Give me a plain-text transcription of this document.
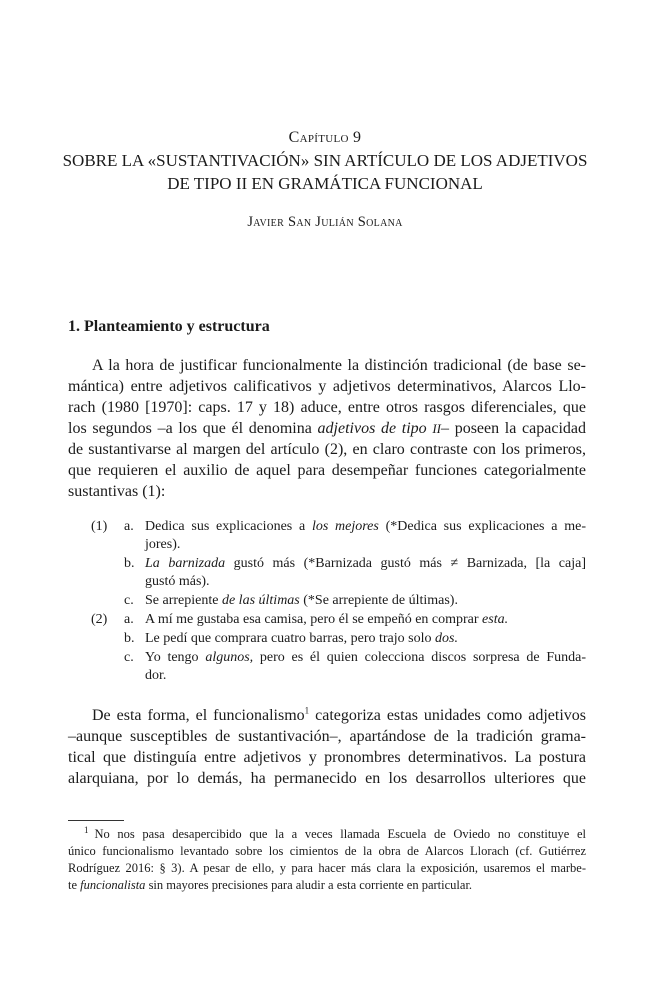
Capítulo 9
SOBRE LA «SUSTANTIVACIÓN» SIN ARTÍCULO DE LOS ADJETIVOS
DE TIPO II EN GRAMÁTICA FUNCIONAL
Javier San Julián Solana
1. Planteamiento y estructura
A la hora de justificar funcionalmente la distinción tradicional (de base se-
mántica) entre adjetivos calificativos y adjetivos determinativos, Alarcos Llo-
rach (1980 [1970]: caps. 17 y 18) aduce, entre otros rasgos diferenciales, que
los segundos –a los que él denomina adjetivos de tipo II– poseen la capacidad
de sustantivarse al margen del artículo (2), en claro contraste con los primeros,
que requieren el auxilio de aquel para desempeñar funciones categorialmente
sustantivas (1):
(1) a. Dedica sus explicaciones a los mejores (*Dedica sus explicaciones a me-
jores).
b. La barnizada gustó más (*Barnizada gustó más ≠ Barnizada, [la caja]
gustó más).
c. Se arrepiente de las últimas (*Se arrepiente de últimas).
(2) a. A mí me gustaba esa camisa, pero él se empeñó en comprar esta.
b. Le pedí que comprara cuatro barras, pero trajo solo dos.
c. Yo tengo algunos, pero es él quien colecciona discos sorpresa de Funda-
dor.
De esta forma, el funcionalismo$^1$ categoriza estas unidades como adjetivos
–aunque susceptibles de sustantivación–, apartándose de la tradición grama-
tical que distinguía entre adjetivos y pronombres determinativos. La postura
alarquiana, por lo demás, ha permanecido en los desarrollos ulteriores que
$^1$ No nos pasa desapercibido que la a veces llamada Escuela de Oviedo no constituye el
único funcionalismo levantado sobre los cimientos de la obra de Alarcos Llorach (cf. Gutiérrez
Rodríguez 2016: § 3). A pesar de ello, y para hacer más clara la exposición, usaremos el marbe-
te funcionalista sin mayores precisiones para aludir a esta corriente en particular.
